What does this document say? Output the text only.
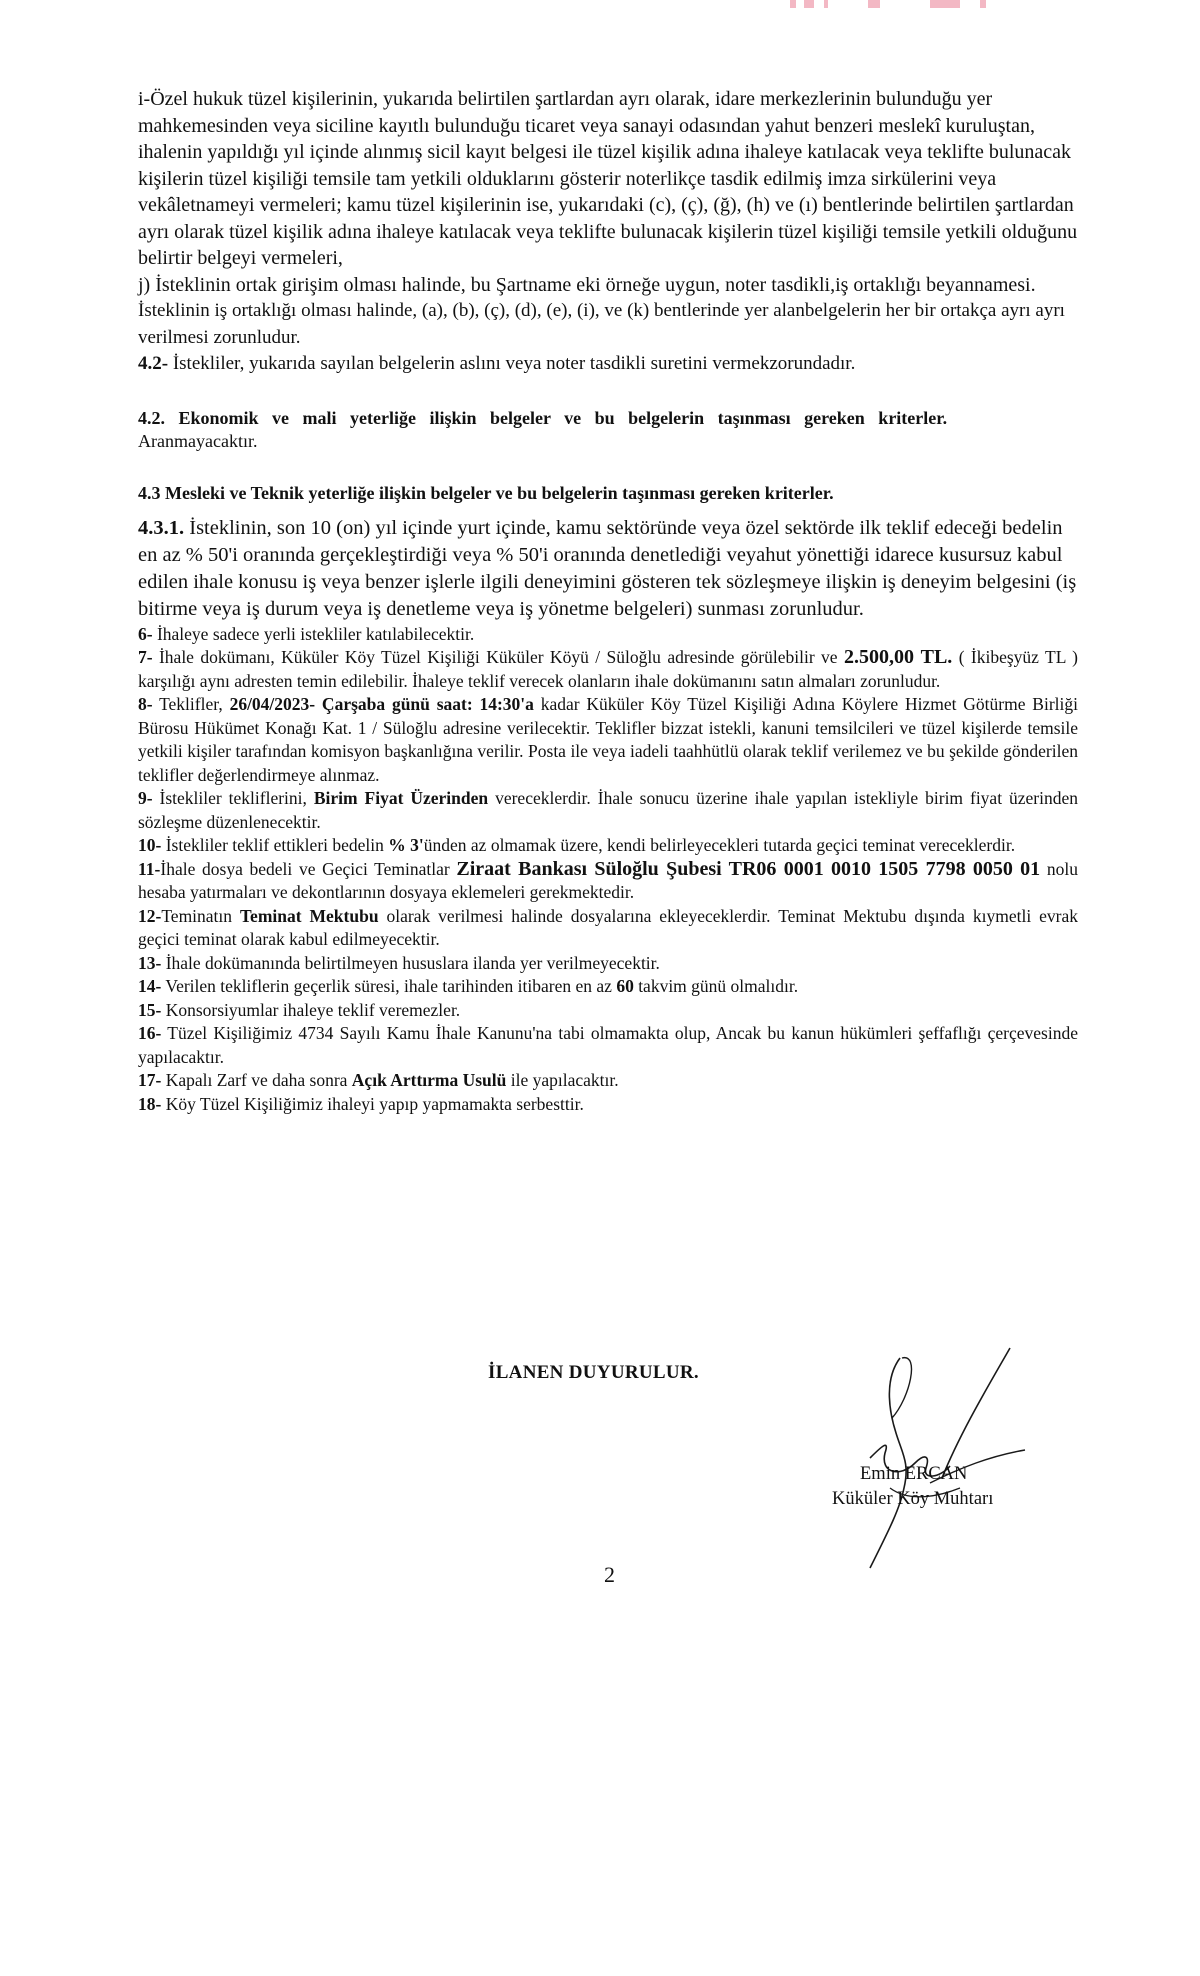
i-Özel hukuk tüzel kişilerinin, yukarıda belirtilen şartlardan ayrı olarak, idare merkezlerinin bulunduğu yer mahkemesinden veya siciline kayıtlı bulunduğu ticaret veya sanayi odasından yahut benzeri meslekî kuruluştan, ihalenin yapıldığı yıl içinde alınmış sicil kayıt belgesi ile tüzel kişilik adına ihaleye katılacak veya teklifte bulunacak kişilerin tüzel kişiliği temsile tam yetkili olduklarını gösterir noterlikçe tasdik edilmiş imza sirkülerini veya vekâletnameyi vermeleri; kamu tüzel kişilerinin ise, yukarıdaki (c), (ç), (ğ), (h) ve (ı) bentlerinde belirtilen şartlardan ayrı olarak tüzel kişilik adına ihaleye katılacak veya teklifte bulunacak kişilerin tüzel kişiliği temsile yetkili olduğunu belirtir belgeyi vermeleri,

j) İsteklinin ortak girişim olması halinde, bu Şartname eki örneğe uygun, noter tasdikli,iş ortaklığı beyannamesi.

İsteklinin iş ortaklığı olması halinde, (a), (b), (ç), (d), (e), (i), ve (k) bentlerinde yer alanbelgelerin her bir ortakça ayrı ayrı verilmesi zorunludur.

4.2- İstekliler, yukarıda sayılan belgelerin aslını veya noter tasdikli suretini vermekzorundadır.

4.2.   Ekonomik   ve   mali   yeterliğe   ilişkin   belgeler   ve   bu   belgelerin   taşınması   gereken   kriterler.

Aranmayacaktır.

4.3 Mesleki ve Teknik yeterliğe ilişkin belgeler ve bu belgelerin taşınması gereken kriterler.

4.3.1. İsteklinin, son 10 (on) yıl içinde yurt içinde, kamu sektöründe veya özel sektörde ilk teklif edeceği bedelin en az % 50'i oranında gerçekleştirdiği veya % 50'i oranında denetlediği veyahut yönettiği idarece kusursuz kabul edilen ihale konusu iş veya benzer işlerle ilgili deneyimini gösteren tek sözleşmeye ilişkin iş deneyim belgesini (iş bitirme veya iş durum veya iş denetleme veya iş yönetme belgeleri) sunması zorunludur.

6- İhaleye sadece yerli istekliler katılabilecektir.

7- İhale dokümanı, Küküler Köy Tüzel Kişiliği Küküler Köyü / Süloğlu adresinde görülebilir ve 2.500,00 TL. ( İkibeşyüz TL ) karşılığı aynı adresten temin edilebilir. İhaleye teklif verecek olanların ihale dokümanını satın almaları zorunludur.

8- Teklifler, 26/04/2023- Çarşaba günü saat: 14:30'a kadar Küküler Köy Tüzel Kişiliği Adına Köylere Hizmet Götürme Birliği Bürosu Hükümet Konağı Kat. 1 / Süloğlu adresine verilecektir. Teklifler bizzat istekli, kanuni temsilcileri ve tüzel kişilerde temsile yetkili kişiler tarafından komisyon başkanlığına verilir. Posta ile veya iadeli taahhütlü olarak teklif verilemez ve bu şekilde gönderilen teklifler değerlendirmeye alınmaz.

9- İstekliler tekliflerini, Birim Fiyat Üzerinden vereceklerdir. İhale sonucu üzerine ihale yapılan istekliyle birim fiyat üzerinden sözleşme düzenlenecektir.

10- İstekliler teklif ettikleri bedelin % 3'ünden az olmamak üzere, kendi belirleyecekleri tutarda geçici teminat vereceklerdir.

11-İhale dosya bedeli ve Geçici Teminatlar Ziraat Bankası Süloğlu Şubesi TR06 0001 0010 1505 7798 0050 01 nolu hesaba yatırmaları ve dekontlarının dosyaya eklemeleri gerekmektedir.

12-Teminatın Teminat Mektubu olarak verilmesi halinde dosyalarına ekleyeceklerdir. Teminat Mektubu dışında kıymetli evrak geçici teminat olarak kabul edilmeyecektir.

13- İhale dokümanında belirtilmeyen hususlara ilanda yer verilmeyecektir.

14- Verilen tekliflerin geçerlik süresi, ihale tarihinden itibaren en az 60 takvim günü olmalıdır.

15- Konsorsiyumlar ihaleye teklif veremezler.

16- Tüzel Kişiliğimiz 4734 Sayılı Kamu İhale Kanunu'na tabi olmamakta olup, Ancak bu kanun hükümleri şeffaflığı çerçevesinde yapılacaktır.

17- Kapalı Zarf ve daha sonra Açık Arttırma Usulü ile yapılacaktır.

18- Köy Tüzel Kişiliğimiz ihaleyi yapıp yapmamakta serbesttir.

İLANEN DUYURULUR.
Emin ERCAN
Küküler Köy Muhtarı
2
